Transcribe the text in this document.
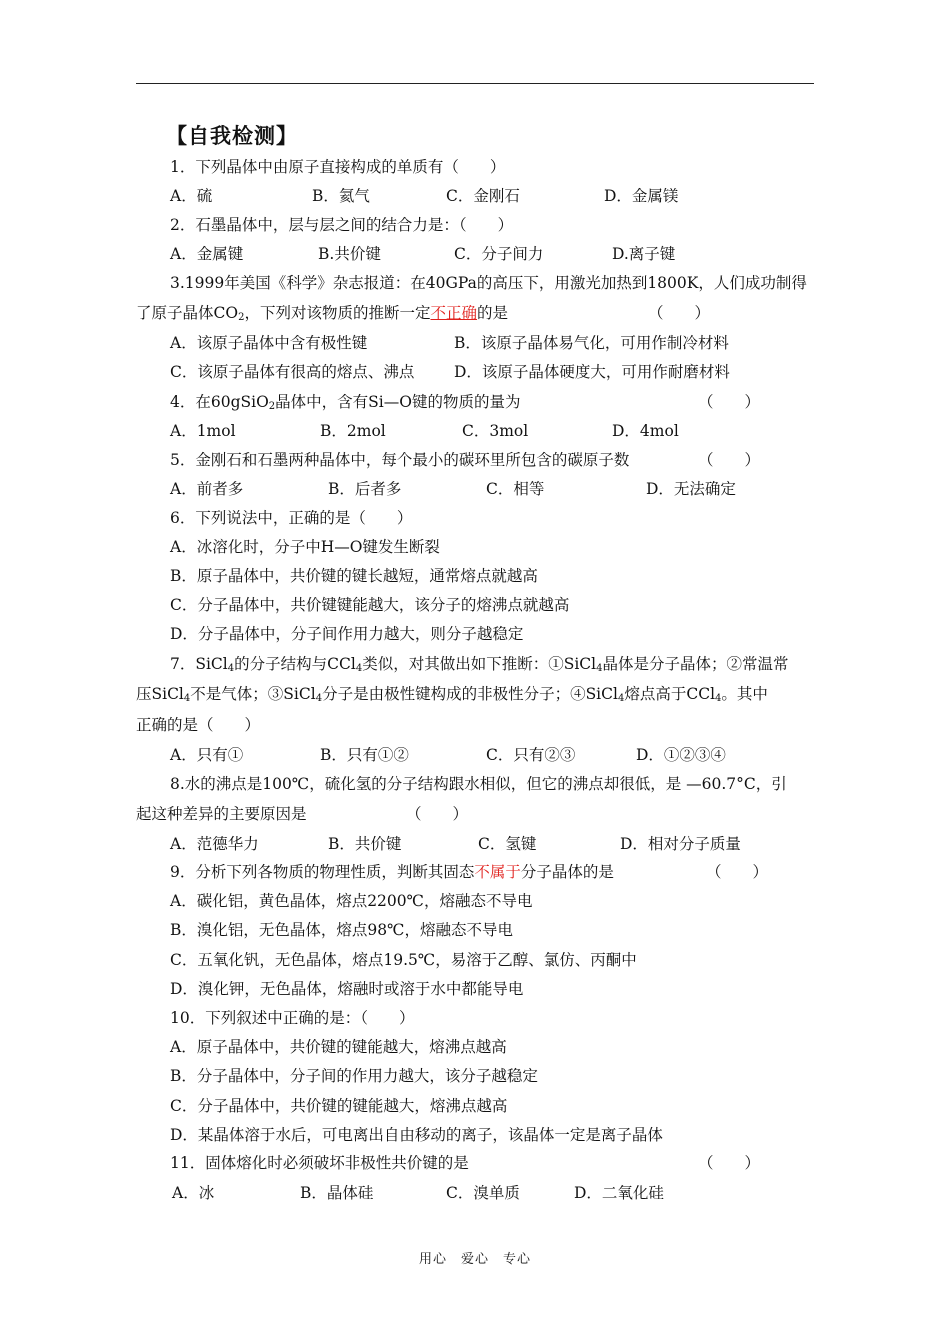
【自我检测】
1．下列晶体中由原子直接构成的单质有（　　）
A．硫	B．氦气	C．金刚石	D．金属镁
2．石墨晶体中，层与层之间的结合力是：（　　）
A．金属键	B.共价键	C．分子间力	D.离子键
3.1999年美国《科学》杂志报道：在40GPa的高压下，用激光加热到1800K，人们成功制得
了原子晶体$CO_2$，下列对该物质的推断一定不正确的是	（　　）
A．该原子晶体中含有极性键	B．该原子晶体易气化，可用作制冷材料
C．该原子晶体有很高的熔点、沸点	D．该原子晶体硬度大，可用作耐磨材料
4．在60gSiO$_2$晶体中，含有Si—O键的物质的量为	（　　）
A．1mol	B．2mol	C．3mol	D．4mol
5．金刚石和石墨两种晶体中，每个最小的碳环里所包含的碳原子数	（　　）
A．前者多	B．后者多	C．相等	D．无法确定
6．下列说法中，正确的是（　　）
A．冰溶化时，分子中H—O键发生断裂
B．原子晶体中，共价键的键长越短，通常熔点就越高
C．分子晶体中，共价键键能越大，该分子的熔沸点就越高
D．分子晶体中，分子间作用力越大，则分子越稳定
7．SiCl$_4$的分子结构与CCl$_4$类似，对其做出如下推断：①SiCl$_4$晶体是分子晶体；②常温常
压SiCl$_4$不是气体；③SiCl$_4$分子是由极性键构成的非极性分子；④SiCl$_4$熔点高于CCl$_4$。其中
正确的是（　　）
A．只有①	B．只有①②	C．只有②③	D．①②③④
8.水的沸点是100℃，硫化氢的分子结构跟水相似，但它的沸点却很低，是 —60.7°C，引
起这种差异的主要原因是	（　　）
A．范德华力	B．共价键	C．氢键	D．相对分子质量
9．分析下列各物质的物理性质，判断其固态不属于分子晶体的是	（　　）
A．碳化铝，黄色晶体，熔点2200℃，熔融态不导电
B．溴化铝，无色晶体，熔点98℃，熔融态不导电
C．五氧化钒，无色晶体，熔点19.5℃，易溶于乙醇、氯仿、丙酮中
D．溴化钾，无色晶体，熔融时或溶于水中都能导电
10．下列叙述中正确的是：（　　）
A．原子晶体中，共价键的键能越大，熔沸点越高
B．分子晶体中，分子间的作用力越大，该分子越稳定
C．分子晶体中，共价键的键能越大，熔沸点越高
D．某晶体溶于水后，可电离出自由移动的离子，该晶体一定是离子晶体
11．固体熔化时必须破坏非极性共价键的是	（　　）
A．冰	B．晶体硅	C．溴单质	D．二氧化硅
用心　爱心　专心
